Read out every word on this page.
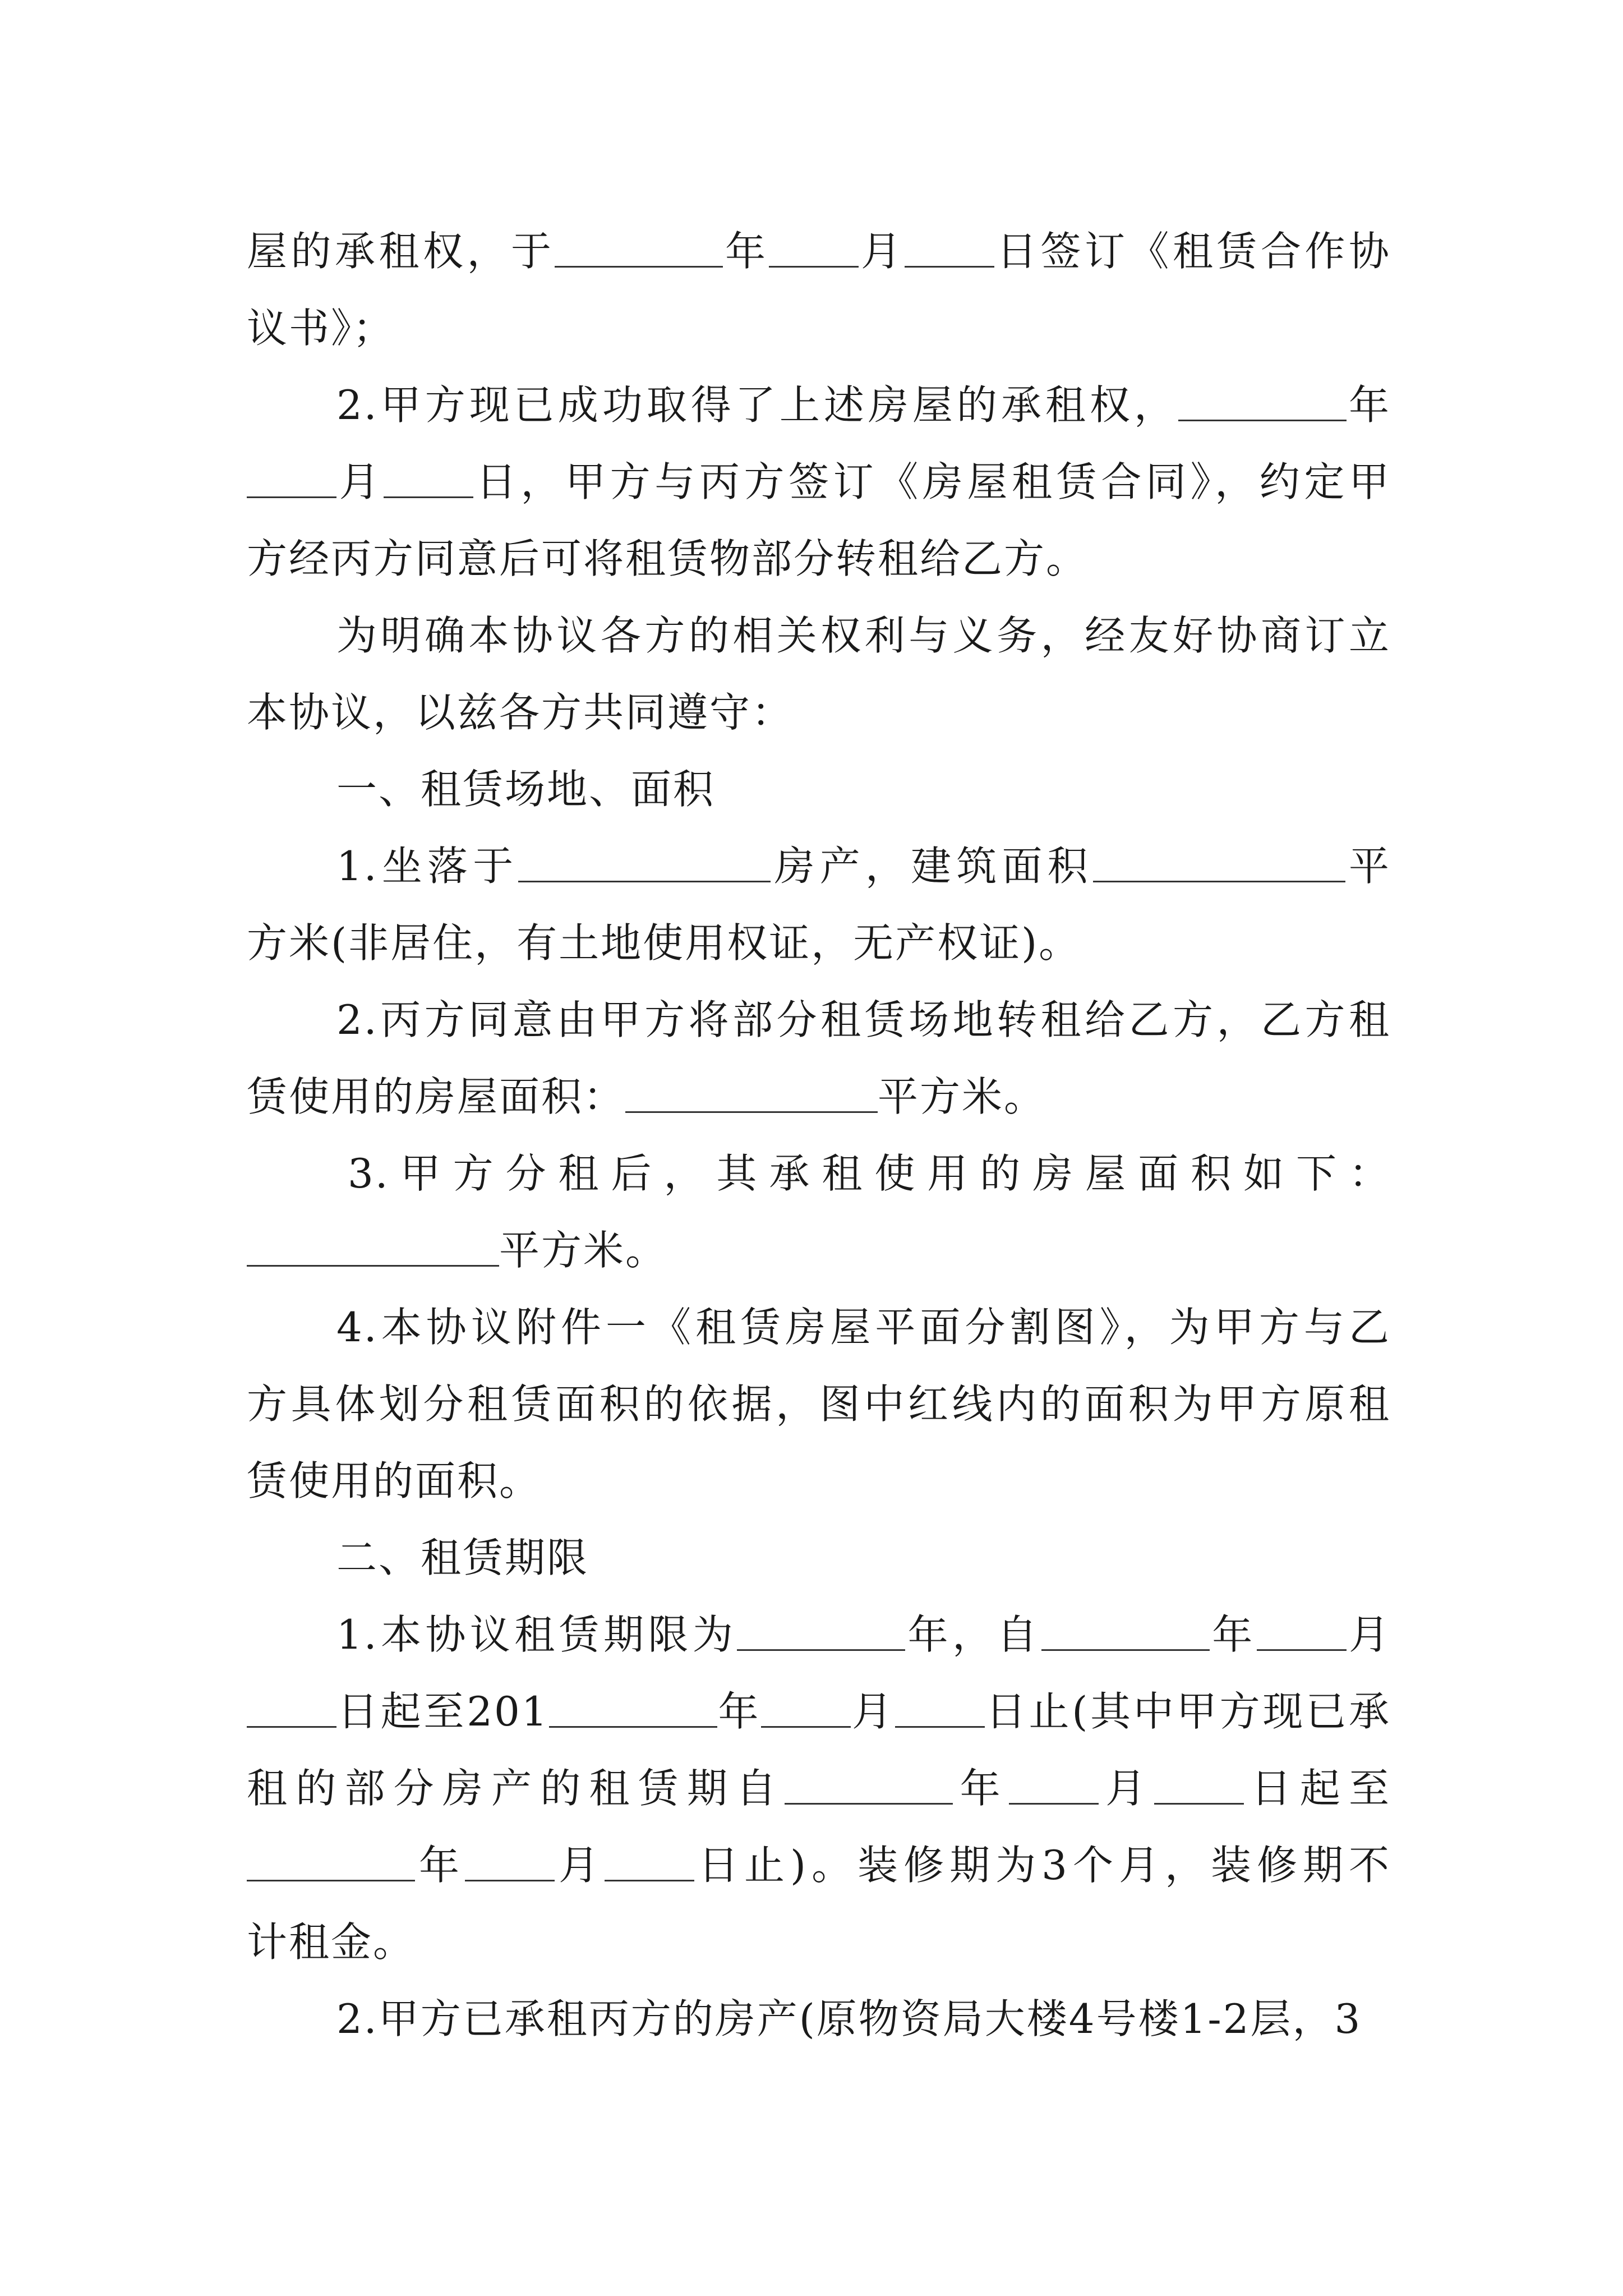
屋的承租权，于	年 月 日签订《租赁合作协
议书》；
2.甲方现已成功取得了上述房屋的承租权，	年
月 日，甲方与丙方签订《房屋租赁合同》，约定甲
方经丙方同意后可将租赁物部分转租给乙方。
为明确本协议各方的相关权利与义务，经友好协商订立
本协议，以兹各方共同遵守：
一、租赁场地、面积
1.坐落于	房产，建筑面积	平
方米(非居住，有土地使用权证，无产权证)。
2.丙方同意由甲方将部分租赁场地转租给乙方，乙方租
赁使用的房屋面积：	平方米。
3.甲方分租后，其承租使用的房屋面积如下：
平方米。
4.本协议附件一《租赁房屋平面分割图》，为甲方与乙
方具体划分租赁面积的依据，图中红线内的面积为甲方原租
赁使用的面积。
二、租赁期限
1.本协议租赁期限为	年，自	年 月
日起至201	年 月 日止(其中甲方现已承
租的部分房产的租赁期自	年 月 日起至
年 月 日止)。装修期为3个月，装修期不
计租金。
2.甲方已承租丙方的房产(原物资局大楼4号楼1-2层，3
